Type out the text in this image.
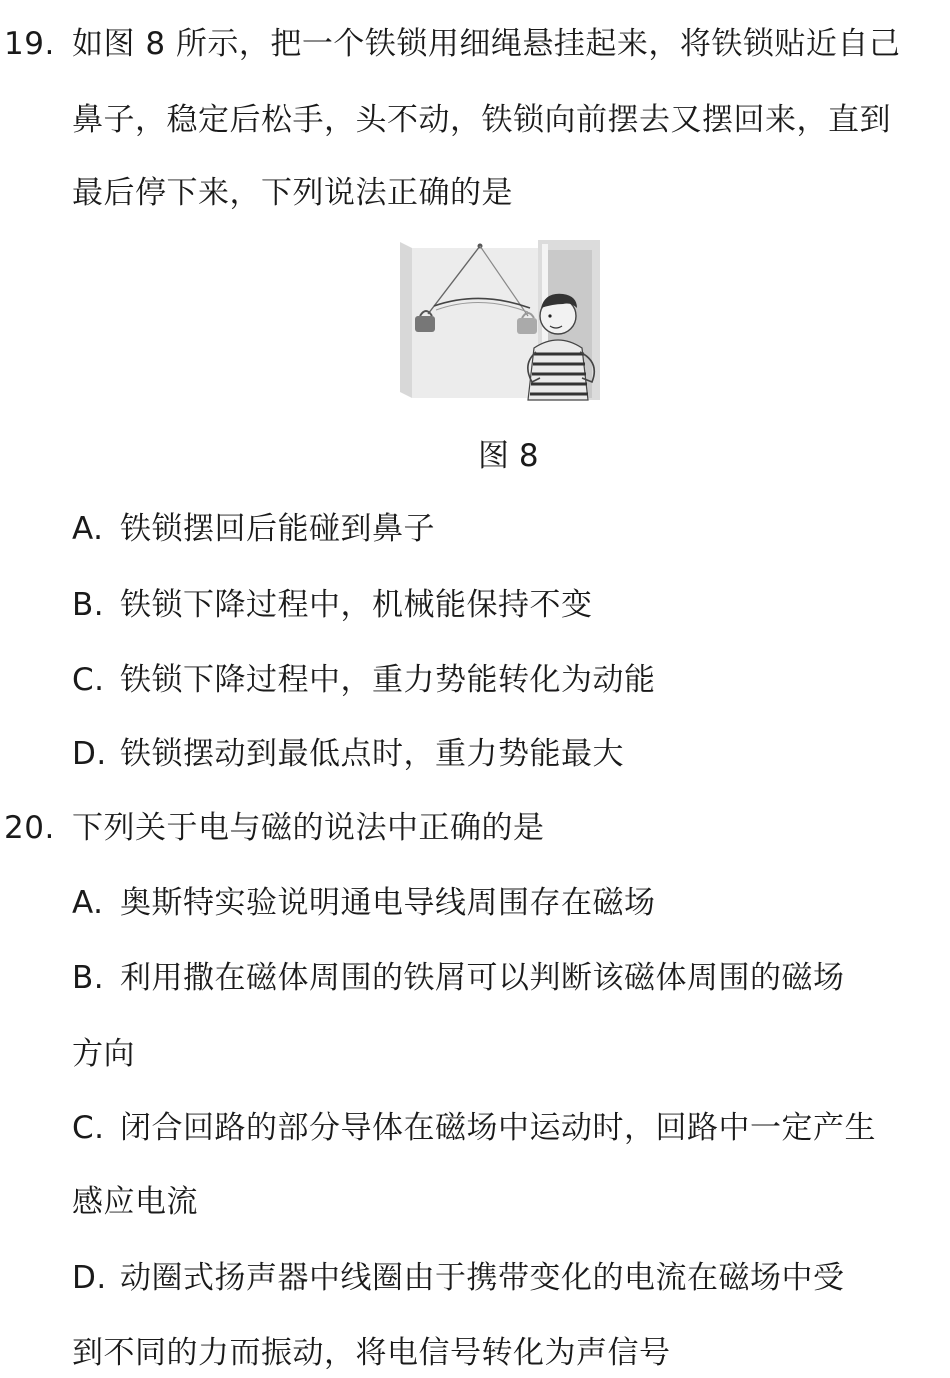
19. 如图 8 所示，把一个铁锁用细绳悬挂起来，将铁锁贴近自己
鼻子，稳定后松手，头不动，铁锁向前摆去又摆回来，直到
最后停下来，下列说法正确的是
图 8
A. 铁锁摆回后能碰到鼻子
B. 铁锁下降过程中，机械能保持不变
C. 铁锁下降过程中，重力势能转化为动能
D. 铁锁摆动到最低点时，重力势能最大
20. 下列关于电与磁的说法中正确的是
A. 奥斯特实验说明通电导线周围存在磁场
B. 利用撒在磁体周围的铁屑可以判断该磁体周围的磁场
方向
C. 闭合回路的部分导体在磁场中运动时，回路中一定产生
感应电流
D. 动圈式扬声器中线圈由于携带变化的电流在磁场中受
到不同的力而振动，将电信号转化为声信号
